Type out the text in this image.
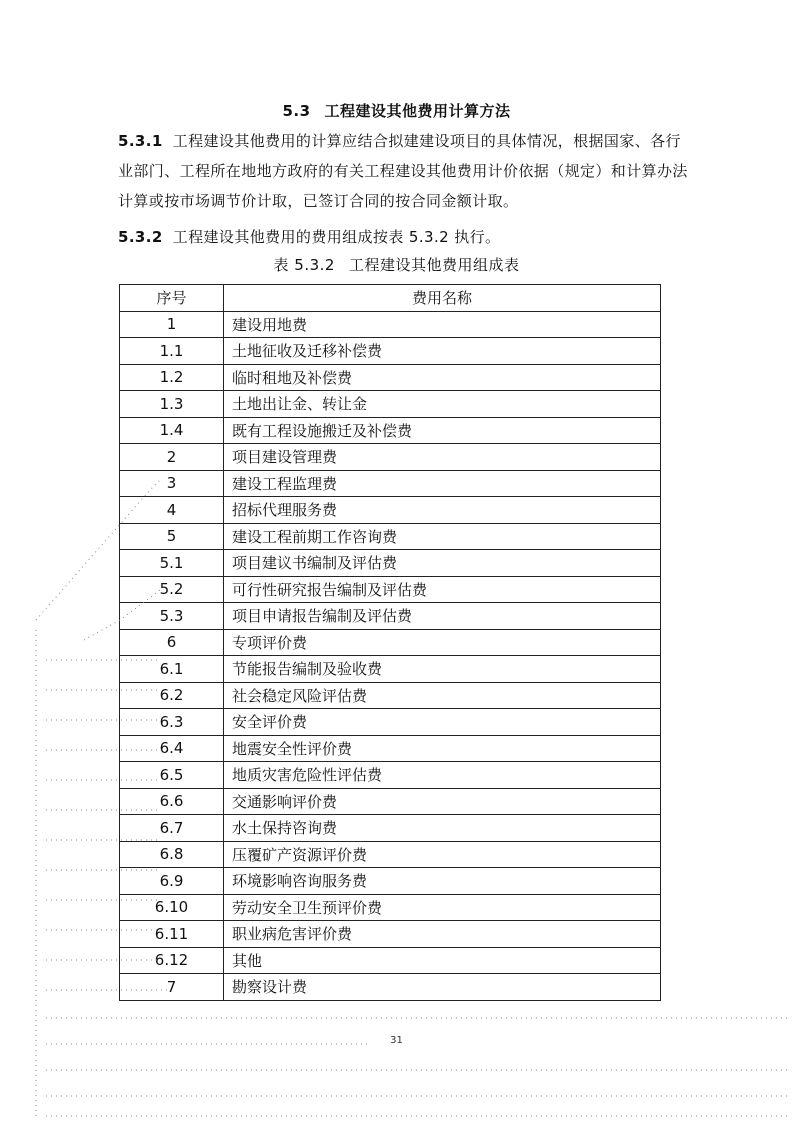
5.3 工程建设其他费用计算方法
5.3.1 工程建设其他费用的计算应结合拟建建设项目的具体情况，根据国家、各行业部门、工程所在地地方政府的有关工程建设其他费用计价依据（规定）和计算办法计算或按市场调节价计取，已签订合同的按合同金额计取。
5.3.2 工程建设其他费用的费用组成按表 5.3.2 执行。
表 5.3.2 工程建设其他费用组成表
序号	费用名称
1	建设用地费
1.1	土地征收及迁移补偿费
1.2	临时租地及补偿费
1.3	土地出让金、转让金
1.4	既有工程设施搬迁及补偿费
2	项目建设管理费
3	建设工程监理费
4	招标代理服务费
5	建设工程前期工作咨询费
5.1	项目建议书编制及评估费
5.2	可行性研究报告编制及评估费
5.3	项目申请报告编制及评估费
6	专项评价费
6.1	节能报告编制及验收费
6.2	社会稳定风险评估费
6.3	安全评价费
6.4	地震安全性评价费
6.5	地质灾害危险性评估费
6.6	交通影响评价费
6.7	水土保持咨询费
6.8	压覆矿产资源评价费
6.9	环境影响咨询服务费
6.10	劳动安全卫生预评价费
6.11	职业病危害评价费
6.12	其他
7	勘察设计费
31
